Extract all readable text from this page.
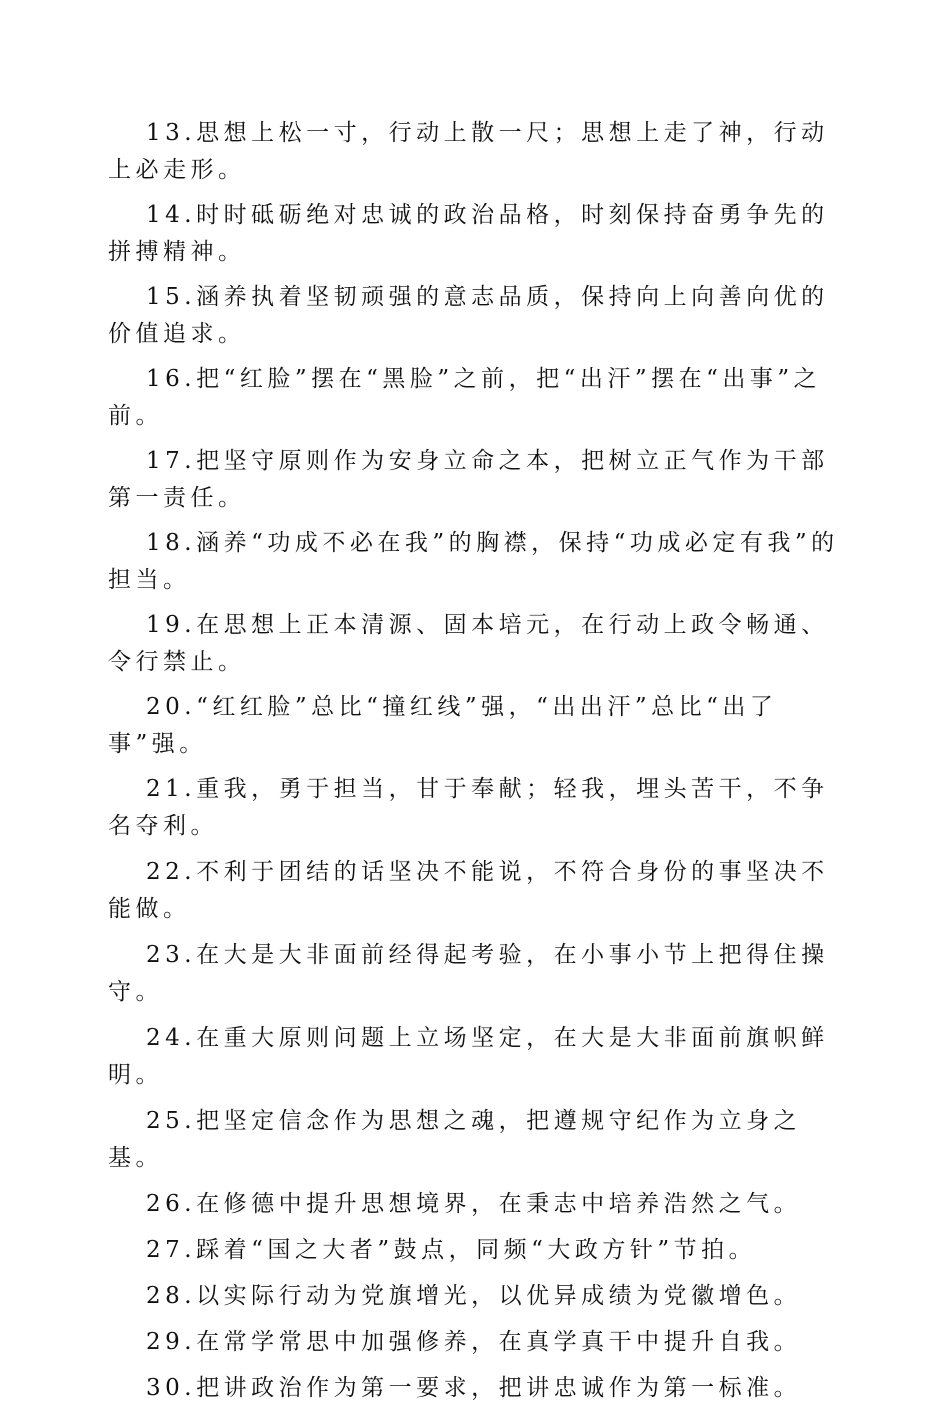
13.思想上松一寸，行动上散一尺；思想上走了神，行动上必走形。

14.时时砥砺绝对忠诚的政治品格，时刻保持奋勇争先的拼搏精神。

15.涵养执着坚韧顽强的意志品质，保持向上向善向优的价值追求。

16.把“红脸”摆在“黑脸”之前，把“出汗”摆在“出事”之前。

17.把坚守原则作为安身立命之本，把树立正气作为干部第一责任。

18.涵养“功成不必在我”的胸襟，保持“功成必定有我”的担当。

19.在思想上正本清源、固本培元，在行动上政令畅通、令行禁止。

20.“红红脸”总比“撞红线”强，“出出汗”总比“出了事”强。

21.重我，勇于担当，甘于奉献；轻我，埋头苦干，不争名夺利。

22.不利于团结的话坚决不能说，不符合身份的事坚决不能做。

23.在大是大非面前经得起考验，在小事小节上把得住操守。

24.在重大原则问题上立场坚定，在大是大非面前旗帜鲜明。

25.把坚定信念作为思想之魂，把遵规守纪作为立身之基。

26.在修德中提升思想境界，在秉志中培养浩然之气。

27.踩着“国之大者”鼓点，同频“大政方针”节拍。

28.以实际行动为党旗增光，以优异成绩为党徽增色。

29.在常学常思中加强修养，在真学真干中提升自我。

30.把讲政治作为第一要求，把讲忠诚作为第一标准。
